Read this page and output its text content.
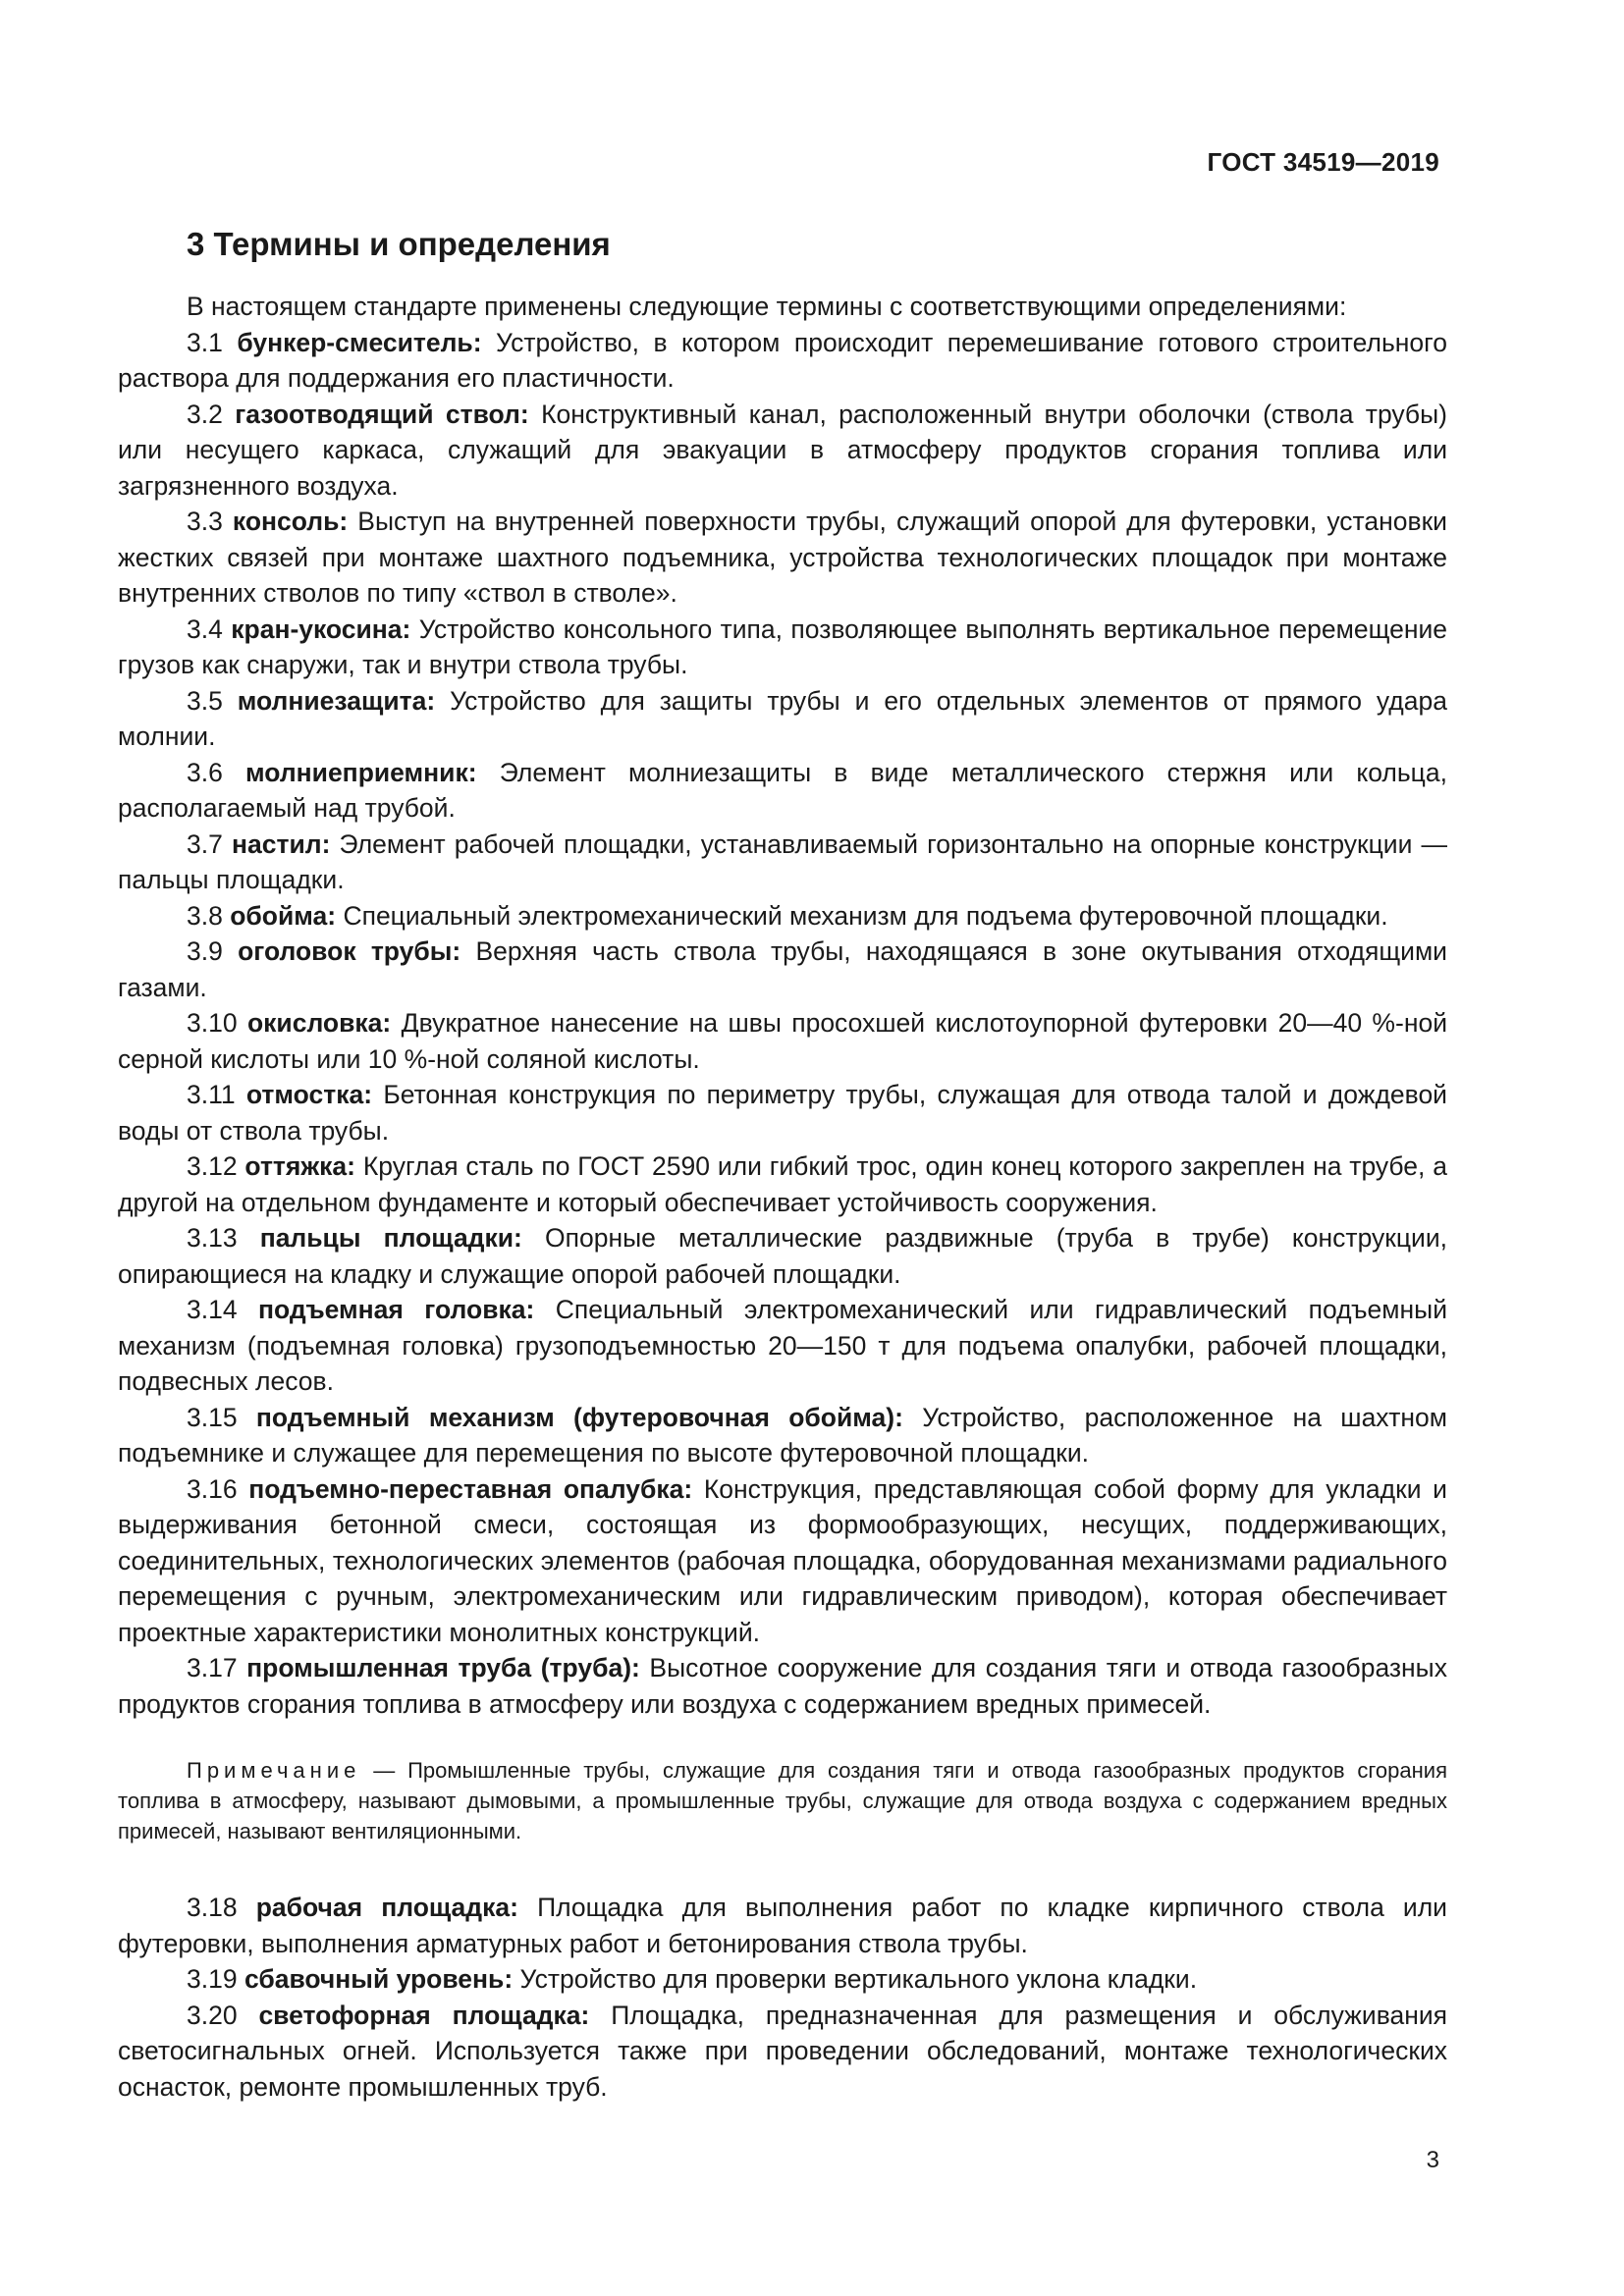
ГОСТ 34519—2019
3 Термины и определения

В настоящем стандарте применены следующие термины с соответствующими определениями:

3.1 бункер-смеситель: Устройство, в котором происходит перемешивание готового строительного раствора для поддержания его пластичности.

3.2 газоотводящий ствол: Конструктивный канал, расположенный внутри оболочки (ствола трубы) или несущего каркаса, служащий для эвакуации в атмосферу продуктов сгорания топлива или загрязненного воздуха.

3.3 консоль: Выступ на внутренней поверхности трубы, служащий опорой для футеровки, установки жестких связей при монтаже шахтного подъемника, устройства технологических площадок при монтаже внутренних стволов по типу «ствол в стволе».

3.4 кран-укосина: Устройство консольного типа, позволяющее выполнять вертикальное перемещение грузов как снаружи, так и внутри ствола трубы.

3.5 молниезащита: Устройство для защиты трубы и его отдельных элементов от прямого удара молнии.

3.6 молниеприемник: Элемент молниезащиты в виде металлического стержня или кольца, располагаемый над трубой.

3.7 настил: Элемент рабочей площадки, устанавливаемый горизонтально на опорные конструкции — пальцы площадки.

3.8 обойма: Специальный электромеханический механизм для подъема футеровочной площадки.

3.9 оголовок трубы: Верхняя часть ствола трубы, находящаяся в зоне окутывания отходящими газами.

3.10 окисловка: Двукратное нанесение на швы просохшей кислотоупорной футеровки 20—40 %-ной серной кислоты или 10 %-ной соляной кислоты.

3.11 отмостка: Бетонная конструкция по периметру трубы, служащая для отвода талой и дождевой воды от ствола трубы.

3.12 оттяжка: Круглая сталь по ГОСТ 2590 или гибкий трос, один конец которого закреплен на трубе, а другой на отдельном фундаменте и который обеспечивает устойчивость сооружения.

3.13 пальцы площадки: Опорные металлические раздвижные (труба в трубе) конструкции, опирающиеся на кладку и служащие опорой рабочей площадки.

3.14 подъемная головка: Специальный электромеханический или гидравлический подъемный механизм (подъемная головка) грузоподъемностью 20—150 т для подъема опалубки, рабочей площадки, подвесных лесов.

3.15 подъемный механизм (футеровочная обойма): Устройство, расположенное на шахтном подъемнике и служащее для перемещения по высоте футеровочной площадки.

3.16 подъемно-переставная опалубка: Конструкция, представляющая собой форму для укладки и выдерживания бетонной смеси, состоящая из формообразующих, несущих, поддерживающих, соединительных, технологических элементов (рабочая площадка, оборудованная механизмами радиального перемещения с ручным, электромеханическим или гидравлическим приводом), которая обеспечивает проектные характеристики монолитных конструкций.

3.17 промышленная труба (труба): Высотное сооружение для создания тяги и отвода газообразных продуктов сгорания топлива в атмосферу или воздуха с содержанием вредных примесей.

Примечание — Промышленные трубы, служащие для создания тяги и отвода газообразных продуктов сгорания топлива в атмосферу, называют дымовыми, а промышленные трубы, служащие для отвода воздуха с содержанием вредных примесей, называют вентиляционными.

3.18 рабочая площадка: Площадка для выполнения работ по кладке кирпичного ствола или футеровки, выполнения арматурных работ и бетонирования ствола трубы.

3.19 сбавочный уровень: Устройство для проверки вертикального уклона кладки.

3.20 светофорная площадка: Площадка, предназначенная для размещения и обслуживания светосигнальных огней. Используется также при проведении обследований, монтаже технологических оснасток, ремонте промышленных труб.

3
